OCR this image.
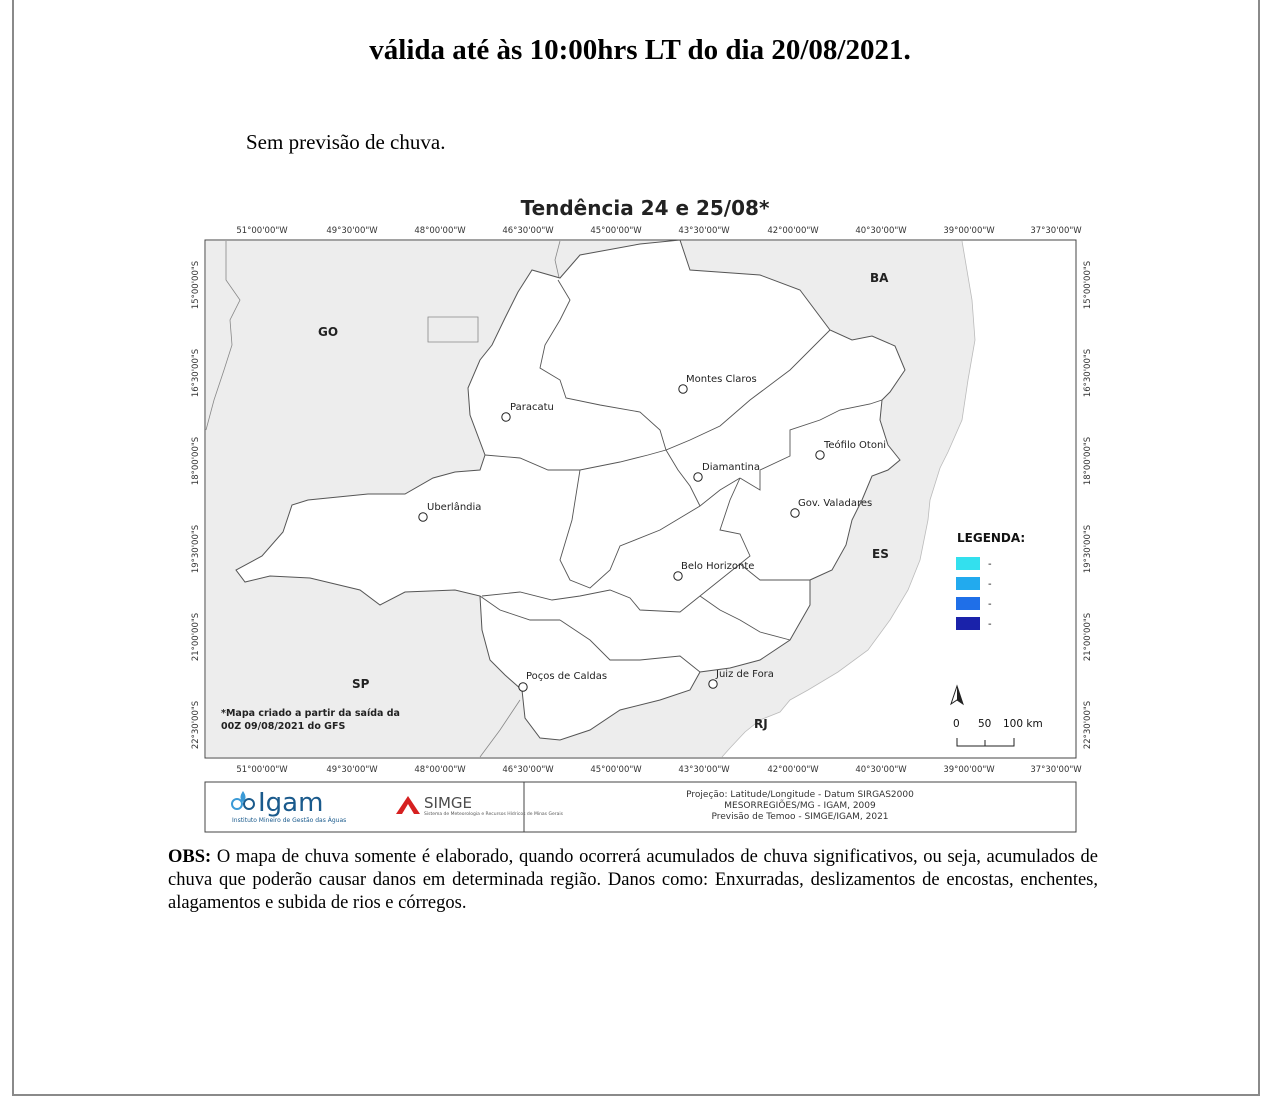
válida até às 10:00hrs LT do dia 20/08/2021.
Sem previsão de chuva.
Tendência 24 e 25/08*
51°00'00"W	49°30'00"W	48°00'00"W	46°30'00"W	45°00'00"W	43°30'00"W	42°00'00"W	40°30'00"W	39°00'00"W	37°30'00"W
51°00'00"W	49°30'00"W	48°00'00"W	46°30'00"W	45°00'00"W	43°30'00"W	42°00'00"W	40°30'00"W	39°00'00"W	37°30'00"W
15°00'00"S
16°30'00"S
18°00'00"S
19°30'00"S
21°00'00"S
22°30'00"S
15°00'00"S
16°30'00"S
18°00'00"S
19°30'00"S
21°00'00"S
22°30'00"S
GO
BA
ES
SP
RJ
Montes Claros
Paracatu
Teófilo Otoni
Diamantina
Gov. Valadares
Uberlândia
Belo Horizonte
Poços de Caldas	Juiz de Fora
*Mapa criado a partir da saída da
00Z 09/08/2021 do GFS
LEGENDA:
-
-
-
-
0 50 100 km
Igam
Instituto Mineiro de Gestão das Águas
SIMGE
Sistema de Meteorologia e Recursos Hídricos de Minas Gerais
Projeção: Latitude/Longitude - Datum SIRGAS2000
MESORREGIÕES/MG - IGAM, 2009
Previsão de Temoo - SIMGE/IGAM, 2021
OBS: O mapa de chuva somente é elaborado, quando ocorrerá acumulados de chuva significativos, ou seja, acumulados de chuva que poderão causar danos em determinada região. Danos como: Enxurradas, deslizamentos de encostas, enchentes, alagamentos e subida de rios e córregos.
